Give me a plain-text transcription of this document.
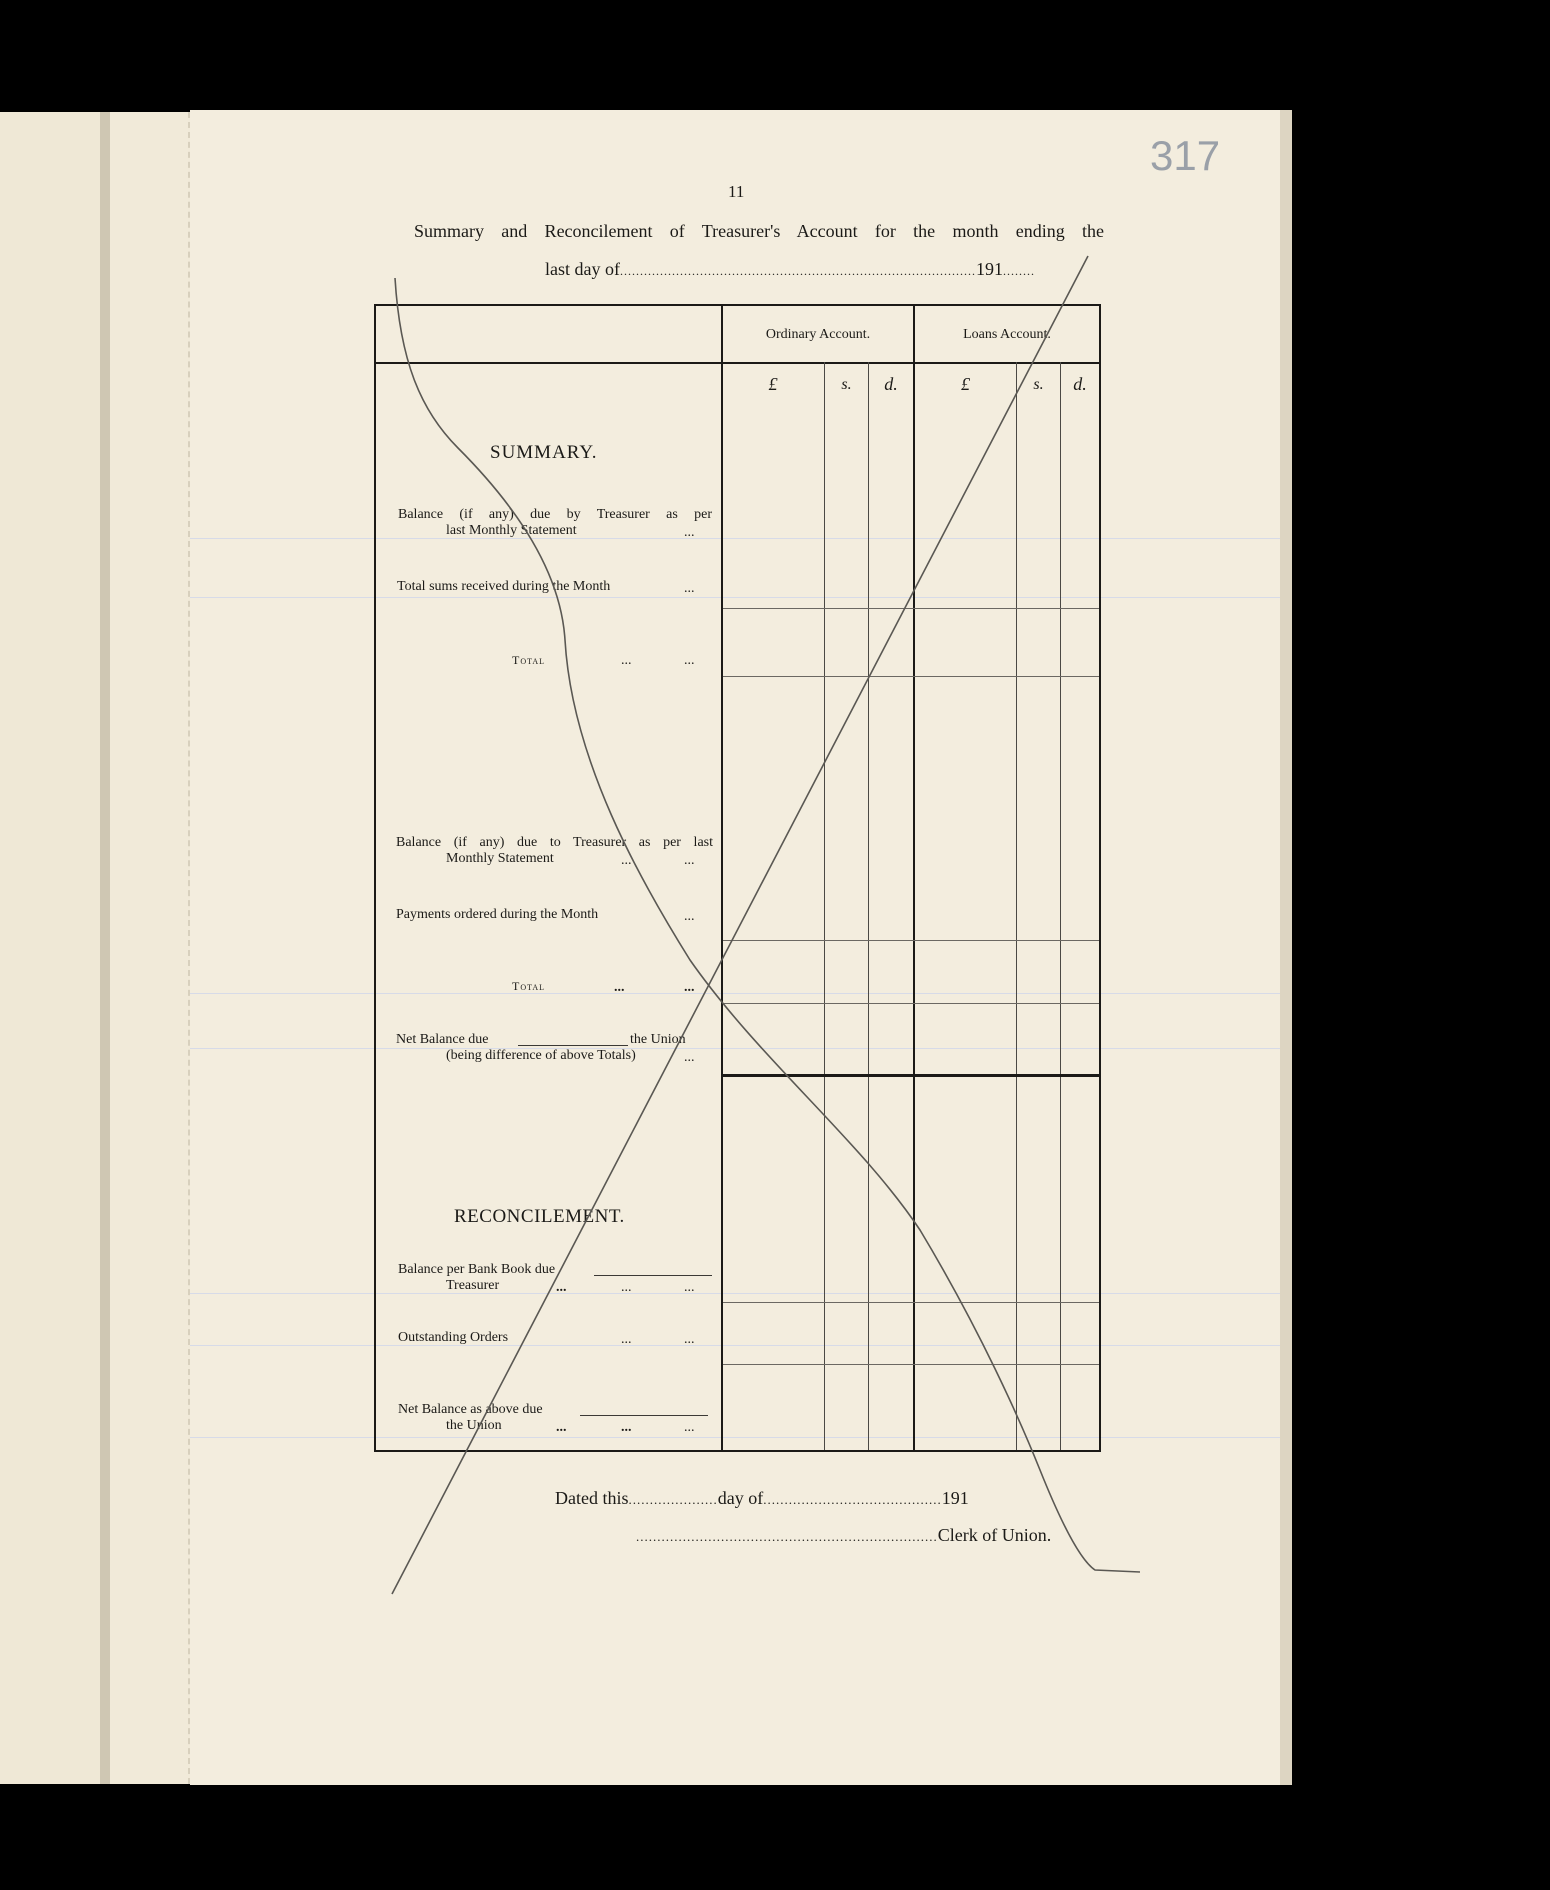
317
11
Summary and Reconcilement of Treasurer's Account for the month ending the
last day of.........................................................................................191........
Ordinary Account.	Loans Account.
£	s.	d.	£	s.	d.
SUMMARY.
Balance (if any) due by Treasurer as per
last Monthly Statement	...
Total sums received during the Month	...
Total	...	...
Balance (if any) due to Treasurer as per last
Monthly Statement	...	...
Payments ordered during the Month	...
Total	...	...
Net Balance due	the Union
(being difference of above Totals)	...
RECONCILEMENT.
Balance per Bank Book due
Treasurer	...	...	...
Outstanding Orders	...	...
Net Balance as above due
the Union	...	...	...
Dated this.....................day of..........................................191
.......................................................................Clerk of Union.
